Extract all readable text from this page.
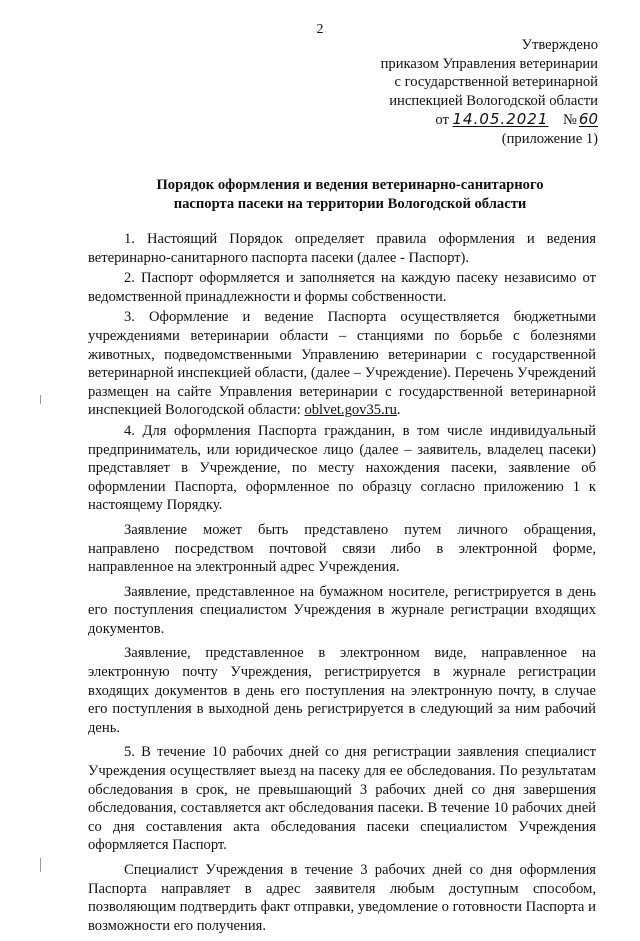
2
Утверждено
приказом Управления ветеринарии
с государственной ветеринарной
инспекцией Вологодской области
от 14.05.2021 № 60
(приложение 1)
Порядок оформления и ведения ветеринарно-санитарного
паспорта пасеки на территории Вологодской области

1. Настоящий Порядок определяет правила оформления и ведения ветеринарно-санитарного паспорта пасеки (далее - Паспорт).

2. Паспорт оформляется и заполняется на каждую пасеку независимо от ведомственной принадлежности и формы собственности.

3. Оформление и ведение Паспорта осуществляется бюджетными учреждениями ветеринарии области – станциями по борьбе с болезнями животных, подведомственными Управлению ветеринарии с государственной ветеринарной инспекцией области, (далее – Учреждение). Перечень Учреждений размещен на сайте Управления ветеринарии с государственной ветеринарной инспекцией Вологодской области: oblvet.gov35.ru.

4. Для оформления Паспорта гражданин, в том числе индивидуальный предприниматель, или юридическое лицо (далее – заявитель, владелец пасеки) представляет в Учреждение, по месту нахождения пасеки, заявление об оформлении Паспорта, оформленное по образцу согласно приложению 1 к настоящему Порядку.

Заявление может быть представлено путем личного обращения, направлено посредством почтовой связи либо в электронной форме, направленное на электронный адрес Учреждения.

Заявление, представленное на бумажном носителе, регистрируется в день его поступления специалистом Учреждения в журнале регистрации входящих документов.

Заявление, представленное в электронном виде, направленное на электронную почту Учреждения, регистрируется в журнале регистрации входящих документов в день его поступления на электронную почту, в случае его поступления в выходной день регистрируется в следующий за ним рабочий день.

5. В течение 10 рабочих дней со дня регистрации заявления специалист Учреждения осуществляет выезд на пасеку для ее обследования. По результатам обследования в срок, не превышающий 3 рабочих дней со дня завершения обследования, составляется акт обследования пасеки. В течение 10 рабочих дней со дня составления акта обследования пасеки специалистом Учреждения оформляется Паспорт.

Специалист Учреждения в течение 3 рабочих дней со дня оформления Паспорта направляет в адрес заявителя любым доступным способом, позволяющим подтвердить факт отправки, уведомление о готовности Паспорта и возможности его получения.
